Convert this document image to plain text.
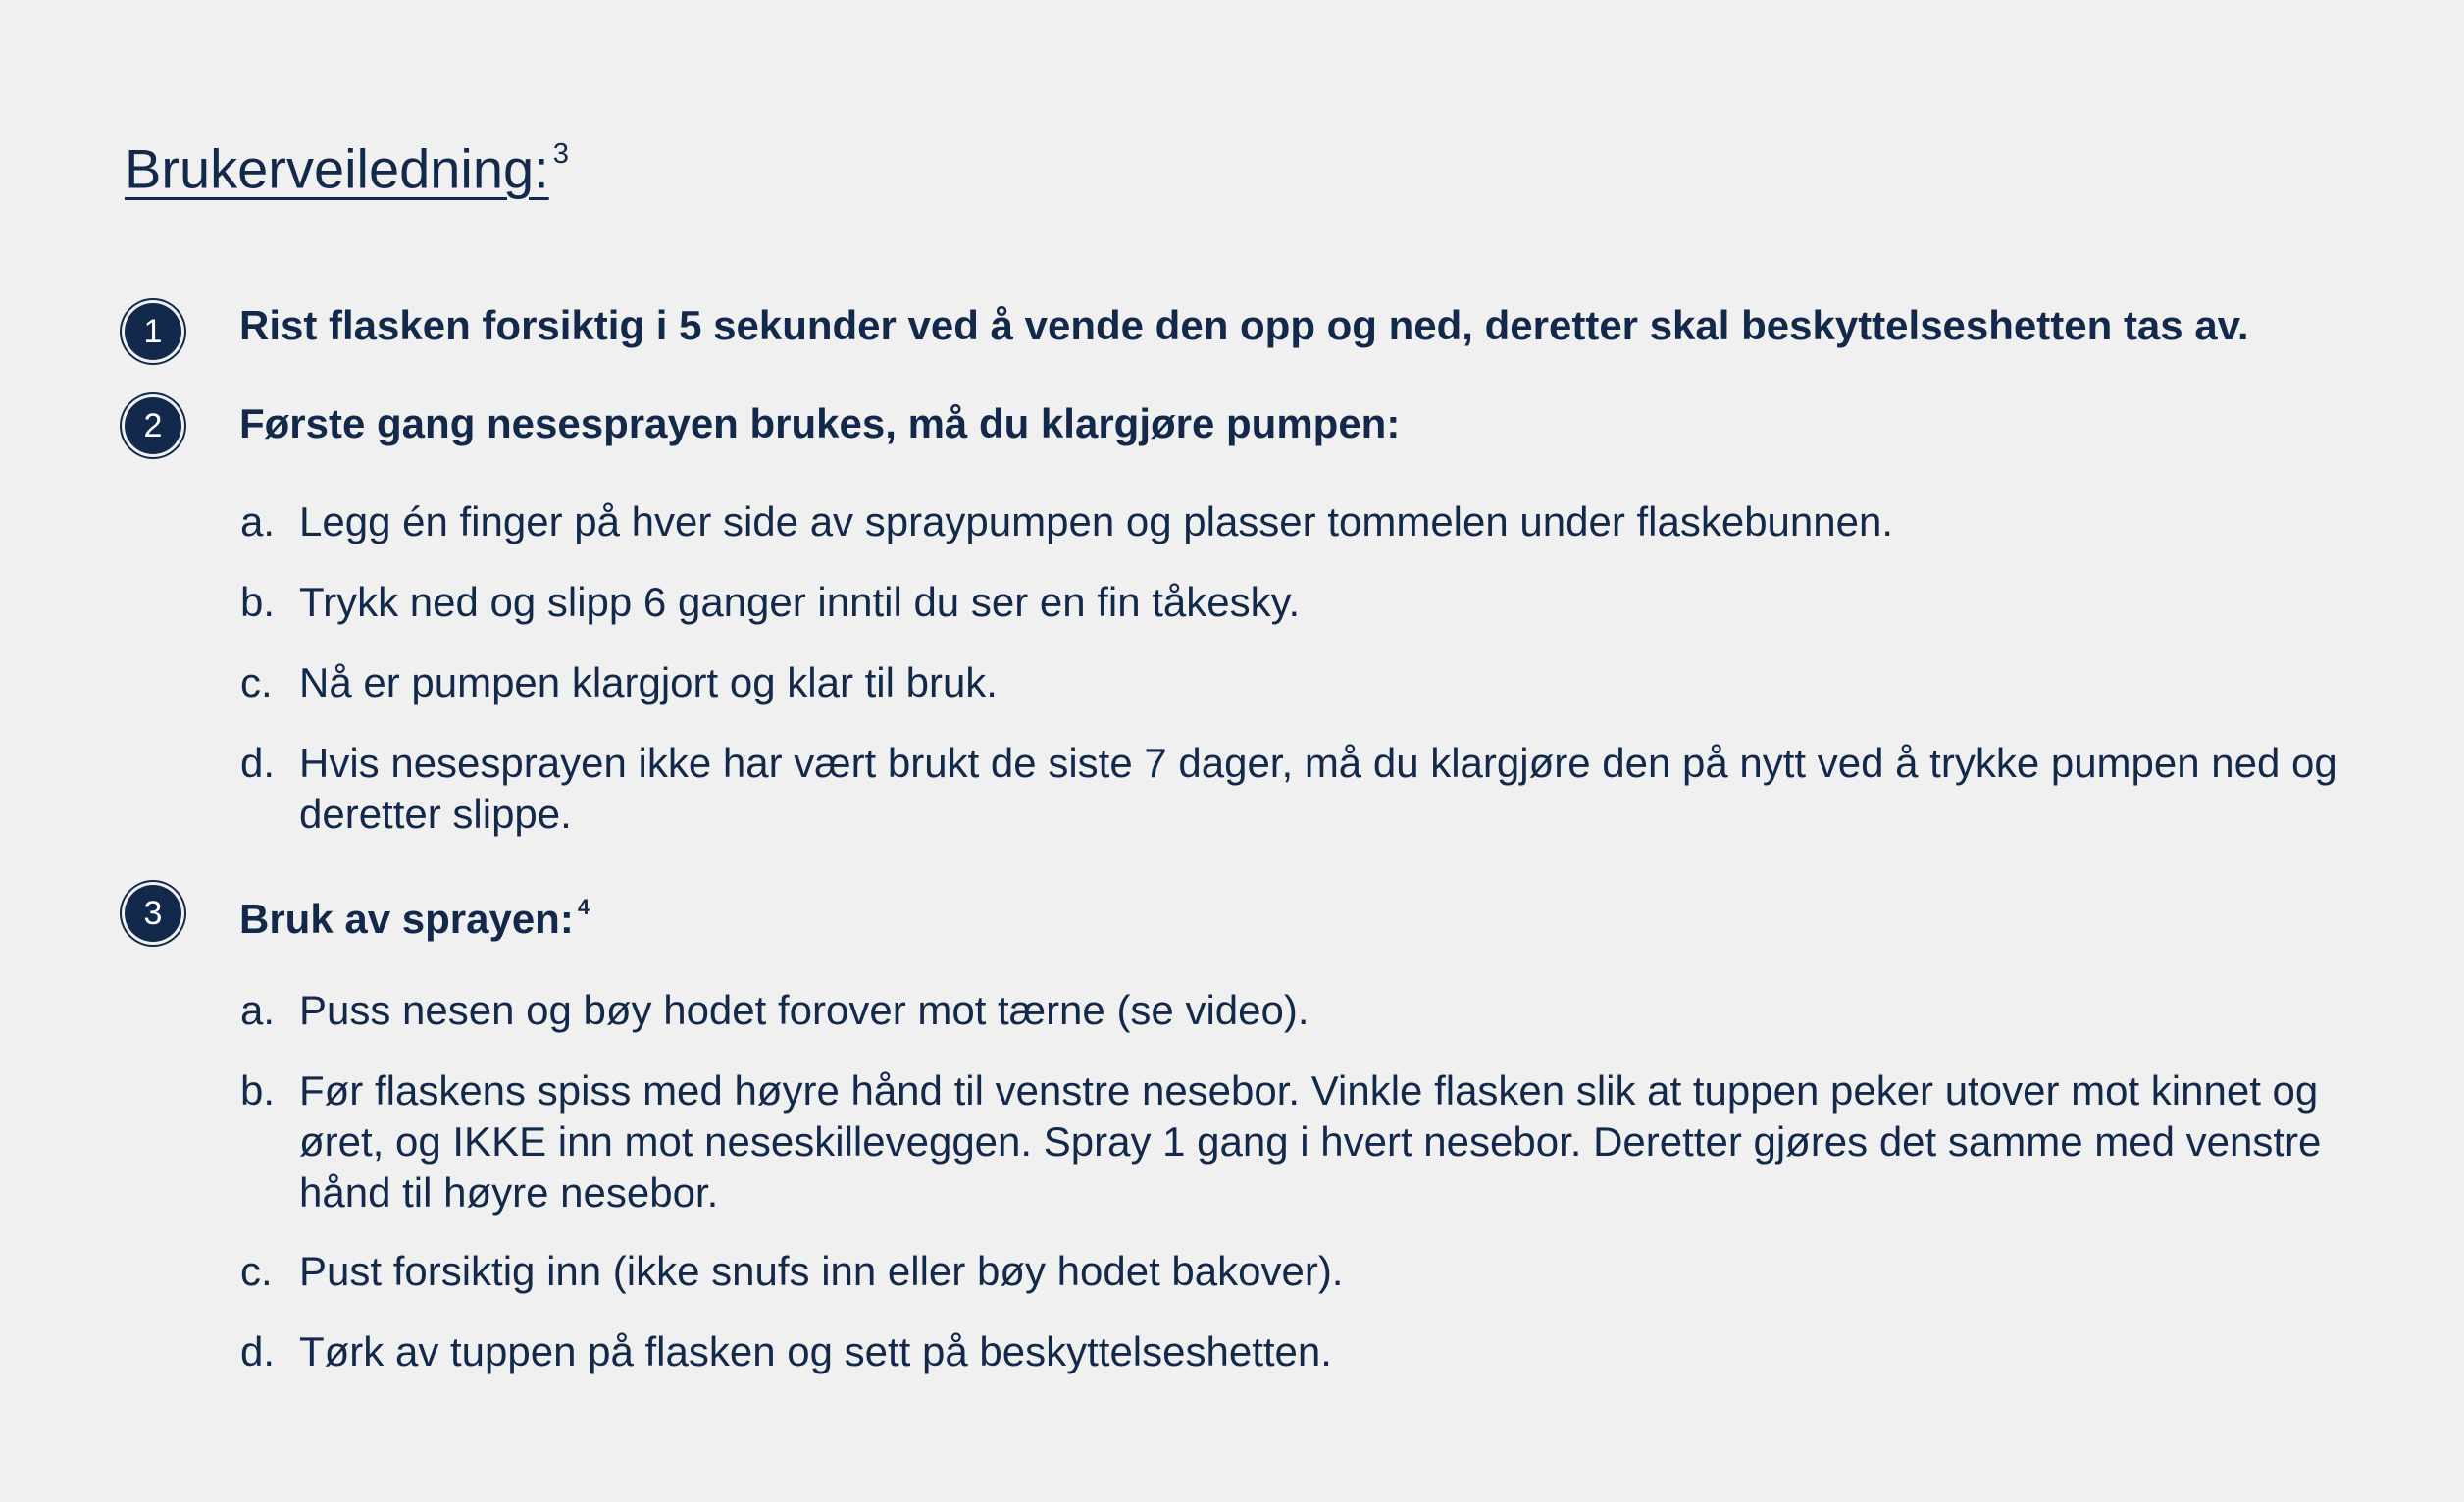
Brukerveiledning: $^3$
1	Rist flasken forsiktig i 5 sekunder ved å vende den opp og ned, deretter skal beskyttelseshetten tas av.
2	Første gang nesesprayen brukes, må du klargjøre pumpen:
a. Legg én finger på hver side av spraypumpen og plasser tommelen under flaskebunnen.
b. Trykk ned og slipp 6 ganger inntil du ser en fin tåkesky.
c. Nå er pumpen klargjort og klar til bruk.
d. Hvis nesesprayen ikke har vært brukt de siste 7 dager, må du klargjøre den på nytt ved å trykke pumpen ned og deretter slippe.
3	Bruk av sprayen: $^4$
a. Puss nesen og bøy hodet forover mot tærne (se video).
b. Før flaskens spiss med høyre hånd til venstre nesebor. Vinkle flasken slik at tuppen peker utover mot kinnet og øret, og IKKE inn mot neseskilleveggen. Spray 1 gang i hvert nesebor. Deretter gjøres det samme med venstre hånd til høyre nesebor.
c. Pust forsiktig inn (ikke snufs inn eller bøy hodet bakover).
d. Tørk av tuppen på flasken og sett på beskyttelseshetten.
